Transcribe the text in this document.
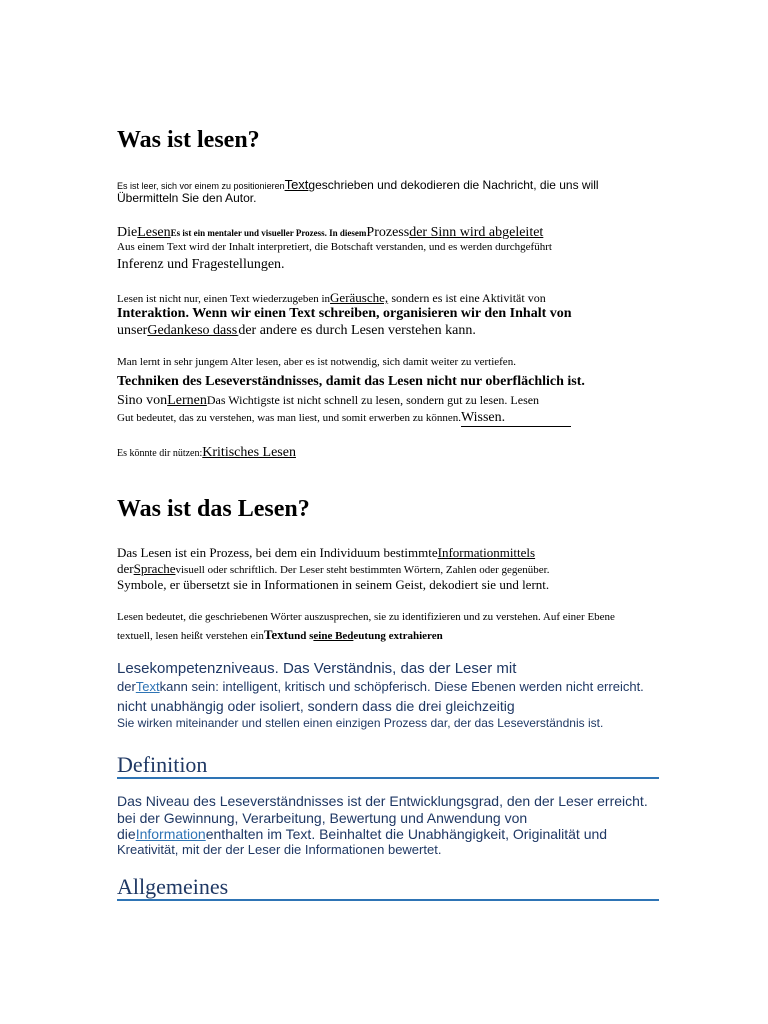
Was ist lesen?
Es ist leer, sich vor einem zu positionierenTextgeschrieben und dekodieren die Nachricht, die uns will
Übermitteln Sie den Autor.
DieLesenEs ist ein mentaler und visueller Prozess. In diesemProzessder Sinn wird abgeleitet
Aus einem Text wird der Inhalt interpretiert, die Botschaft verstanden, und es werden durchgeführt
Inferenz und Fragestellungen.
Lesen ist nicht nur, einen Text wiederzugeben inGeräusche, sondern es ist eine Aktivität von
Interaktion. Wenn wir einen Text schreiben, organisieren wir den Inhalt von
unserGedankeso dass der andere es durch Lesen verstehen kann.
Man lernt in sehr jungem Alter lesen, aber es ist notwendig, sich damit weiter zu vertiefen.
Techniken des Leseverständnisses, damit das Lesen nicht nur oberflächlich ist.
Sino vonLernenDas Wichtigste ist nicht schnell zu lesen, sondern gut zu lesen. Lesen
Gut bedeutet, das zu verstehen, was man liest, und somit erwerben zu können.Wissen.
Es könnte dir nützen:Kritisches Lesen
Was ist das Lesen?
Das Lesen ist ein Prozess, bei dem ein Individuum bestimmteInformationmittels
derSprachevisuell oder schriftlich. Der Leser steht bestimmten Wörtern, Zahlen oder gegenüber.
Symbole, er übersetzt sie in Informationen in seinem Geist, dekodiert sie und lernt.
Lesen bedeutet, die geschriebenen Wörter auszusprechen, sie zu identifizieren und zu verstehen. Auf einer Ebene
textuell, lesen heißt verstehen einTextund seine Bedeutung extrahieren
Lesekompetenzniveaus. Das Verständnis, das der Leser mit
derTextkann sein: intelligent, kritisch und schöpferisch. Diese Ebenen werden nicht erreicht.
nicht unabhängig oder isoliert, sondern dass die drei gleichzeitig
Sie wirken miteinander und stellen einen einzigen Prozess dar, der das Leseverständnis ist.
Definition
Das Niveau des Leseverständnisses ist der Entwicklungsgrad, den der Leser erreicht.
bei der Gewinnung, Verarbeitung, Bewertung und Anwendung von
dieInformationenthalten im Text. Beinhaltet die Unabhängigkeit, Originalität und
Kreativität, mit der der Leser die Informationen bewertet.
Allgemeines
